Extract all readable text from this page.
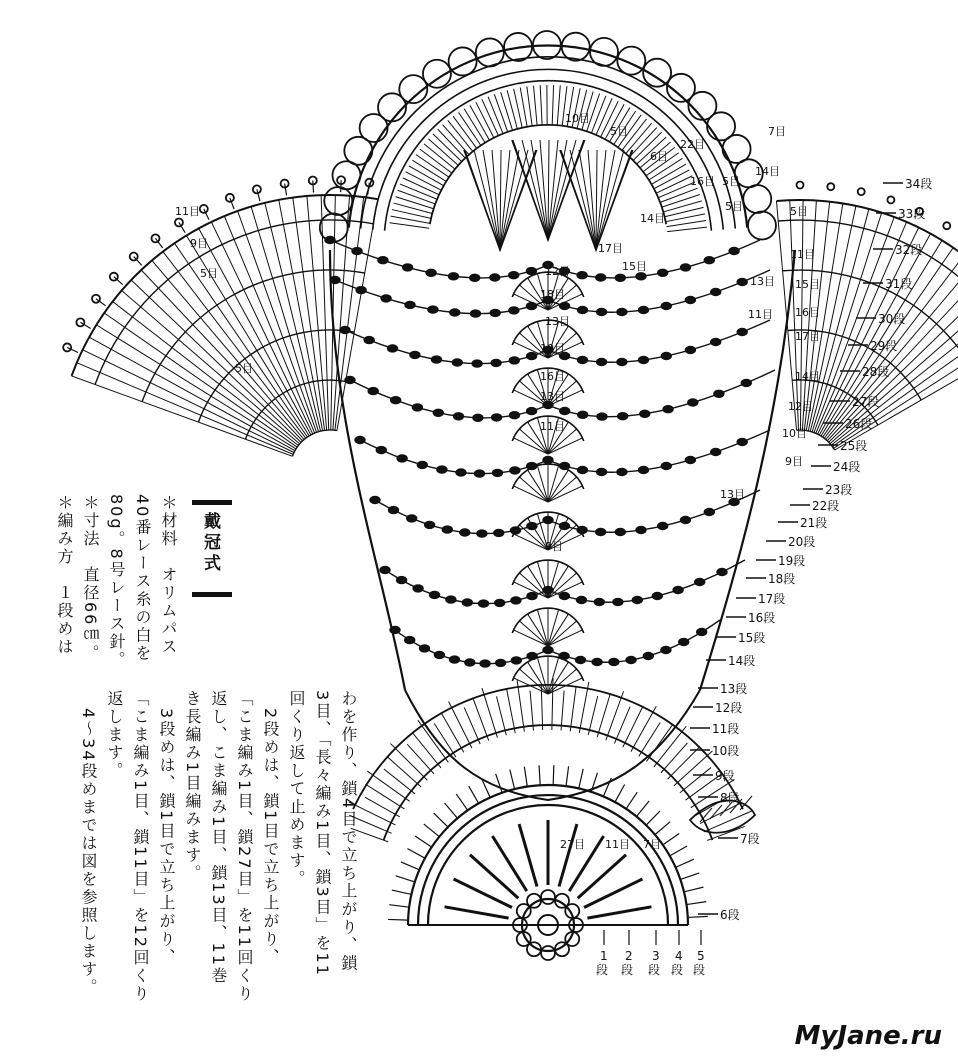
34段
33段
32段
31段
30段
29段
28段
27段
26段
25段
24段
23段
22段
21段
20段
19段
18段
17段
16段
15段
14段
13段
12段
11段
10段
9段
8段
7段
6段
1
段
2
段
3
段
4
段
5
段
10目
5目
6目
16目
22目
5目
14目
7目
14目
5目
11目
9目
5目
5目
17目
12目	15目
18目
13目
10目
16目
13目
11目
9目
27目 11目 7目
5目
11目
11目
13目 15目
16目
17目
14目
12目
10目
9目
13目
戴冠式
＊材料　オリムパス
40番レース糸の白を
80g。8号レース針。
＊寸法　直径66㎝。
＊編み方　１段めは
わを作り、鎖4目で立ち上がり、鎖
3目、「長々編み1目、鎖3目」を11
回くり返して止めます。
　2段めは、鎖1目で立ち上がり、
「こま編み1目、鎖27目」を11回くり
返し、こま編み1目、鎖13目、11巻
き長編み1目編みます。
　3段めは、鎖1目で立ち上がり、
「こま編み1目、鎖11目」を12回くり
返します。
　4〜34段めまでは図を参照します。
MyJane.ru
